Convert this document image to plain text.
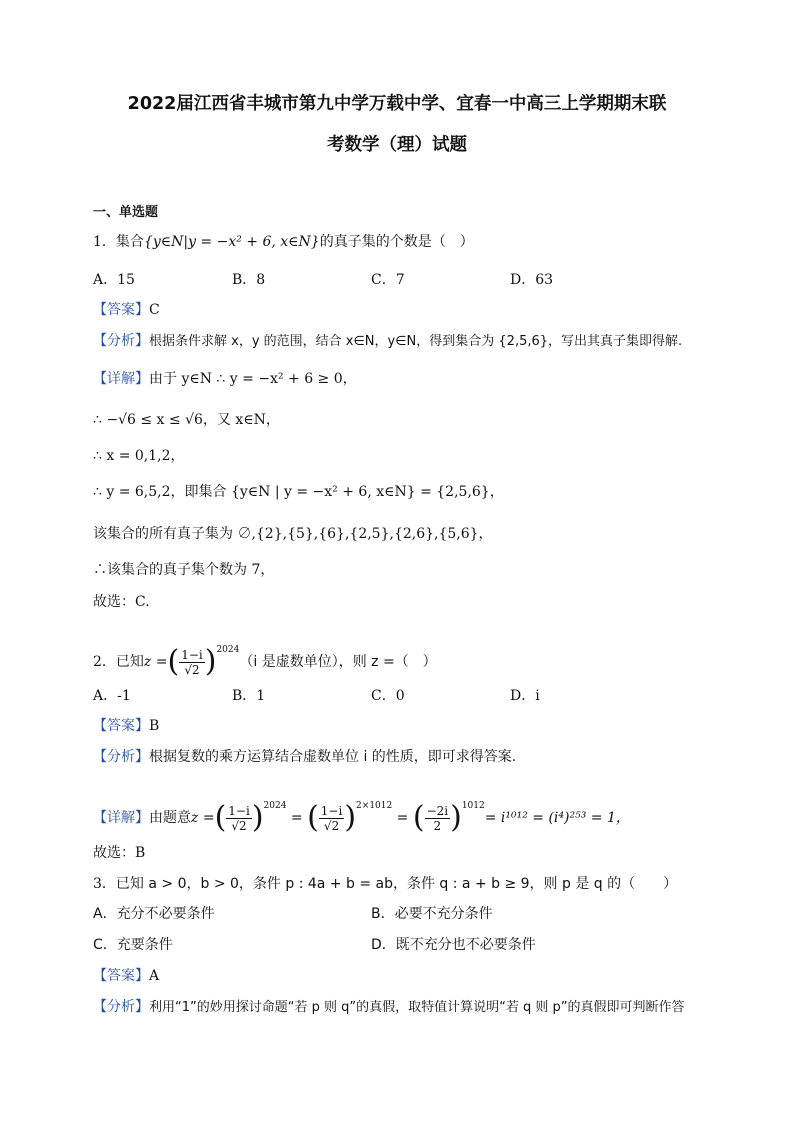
2022届江西省丰城市第九中学万载中学、宜春一中高三上学期期末联
考数学（理）试题
一、单选题
1．集合{y∈N|y = −x² + 6, x∈N}的真子集的个数是（　）
A．15	B．8	C．7	D．63
【答案】C
【分析】根据条件求解 x，y 的范围，结合 x∈N，y∈N，得到集合为 {2,5,6}，写出其真子集即得解.
【详解】由于 y∈N ∴ y = −x² + 6 ≥ 0，
∴ −√6 ≤ x ≤ √6，又 x∈N，
∴ x = 0,1,2，
∴ y = 6,5,2，即集合 {y∈N | y = −x² + 6, x∈N} = {2,5,6}，
该集合的所有真子集为 ∅,{2},{5},{6},{2,5},{2,6},{5,6}，
∴该集合的真子集个数为 7，
故选：C.
2．已知z =( $\frac{1-i}{√2} )^{2024}(i$ 是虚数单位），则 z =（　）
A．-1	B．1	C．0	D．i
【答案】B
【分析】根据复数的乘方运算结合虚数单位 i 的性质，即可求得答案.
【详解】由题意z =( $\frac{1-i}{√2} )^{2024}$ = ( $\frac{1-i}{√2} )^{2\times 1012}$ = ( $\frac{-2i}{2} )^{1012}= i^{1012} = (i^4)^{253} = 1$，
故选：B
3．已知 a > 0，b > 0，条件 p : 4a + b = ab，条件 q : a + b ≥ 9，则 p 是 q 的（　　）
A．充分不必要条件	B．必要不充分条件
C．充要条件	D．既不充分也不必要条件
【答案】A
【分析】利用“1”的妙用探讨命题“若 p 则 q”的真假，取特值计算说明“若 q 则 p”的真假即可判断作答
